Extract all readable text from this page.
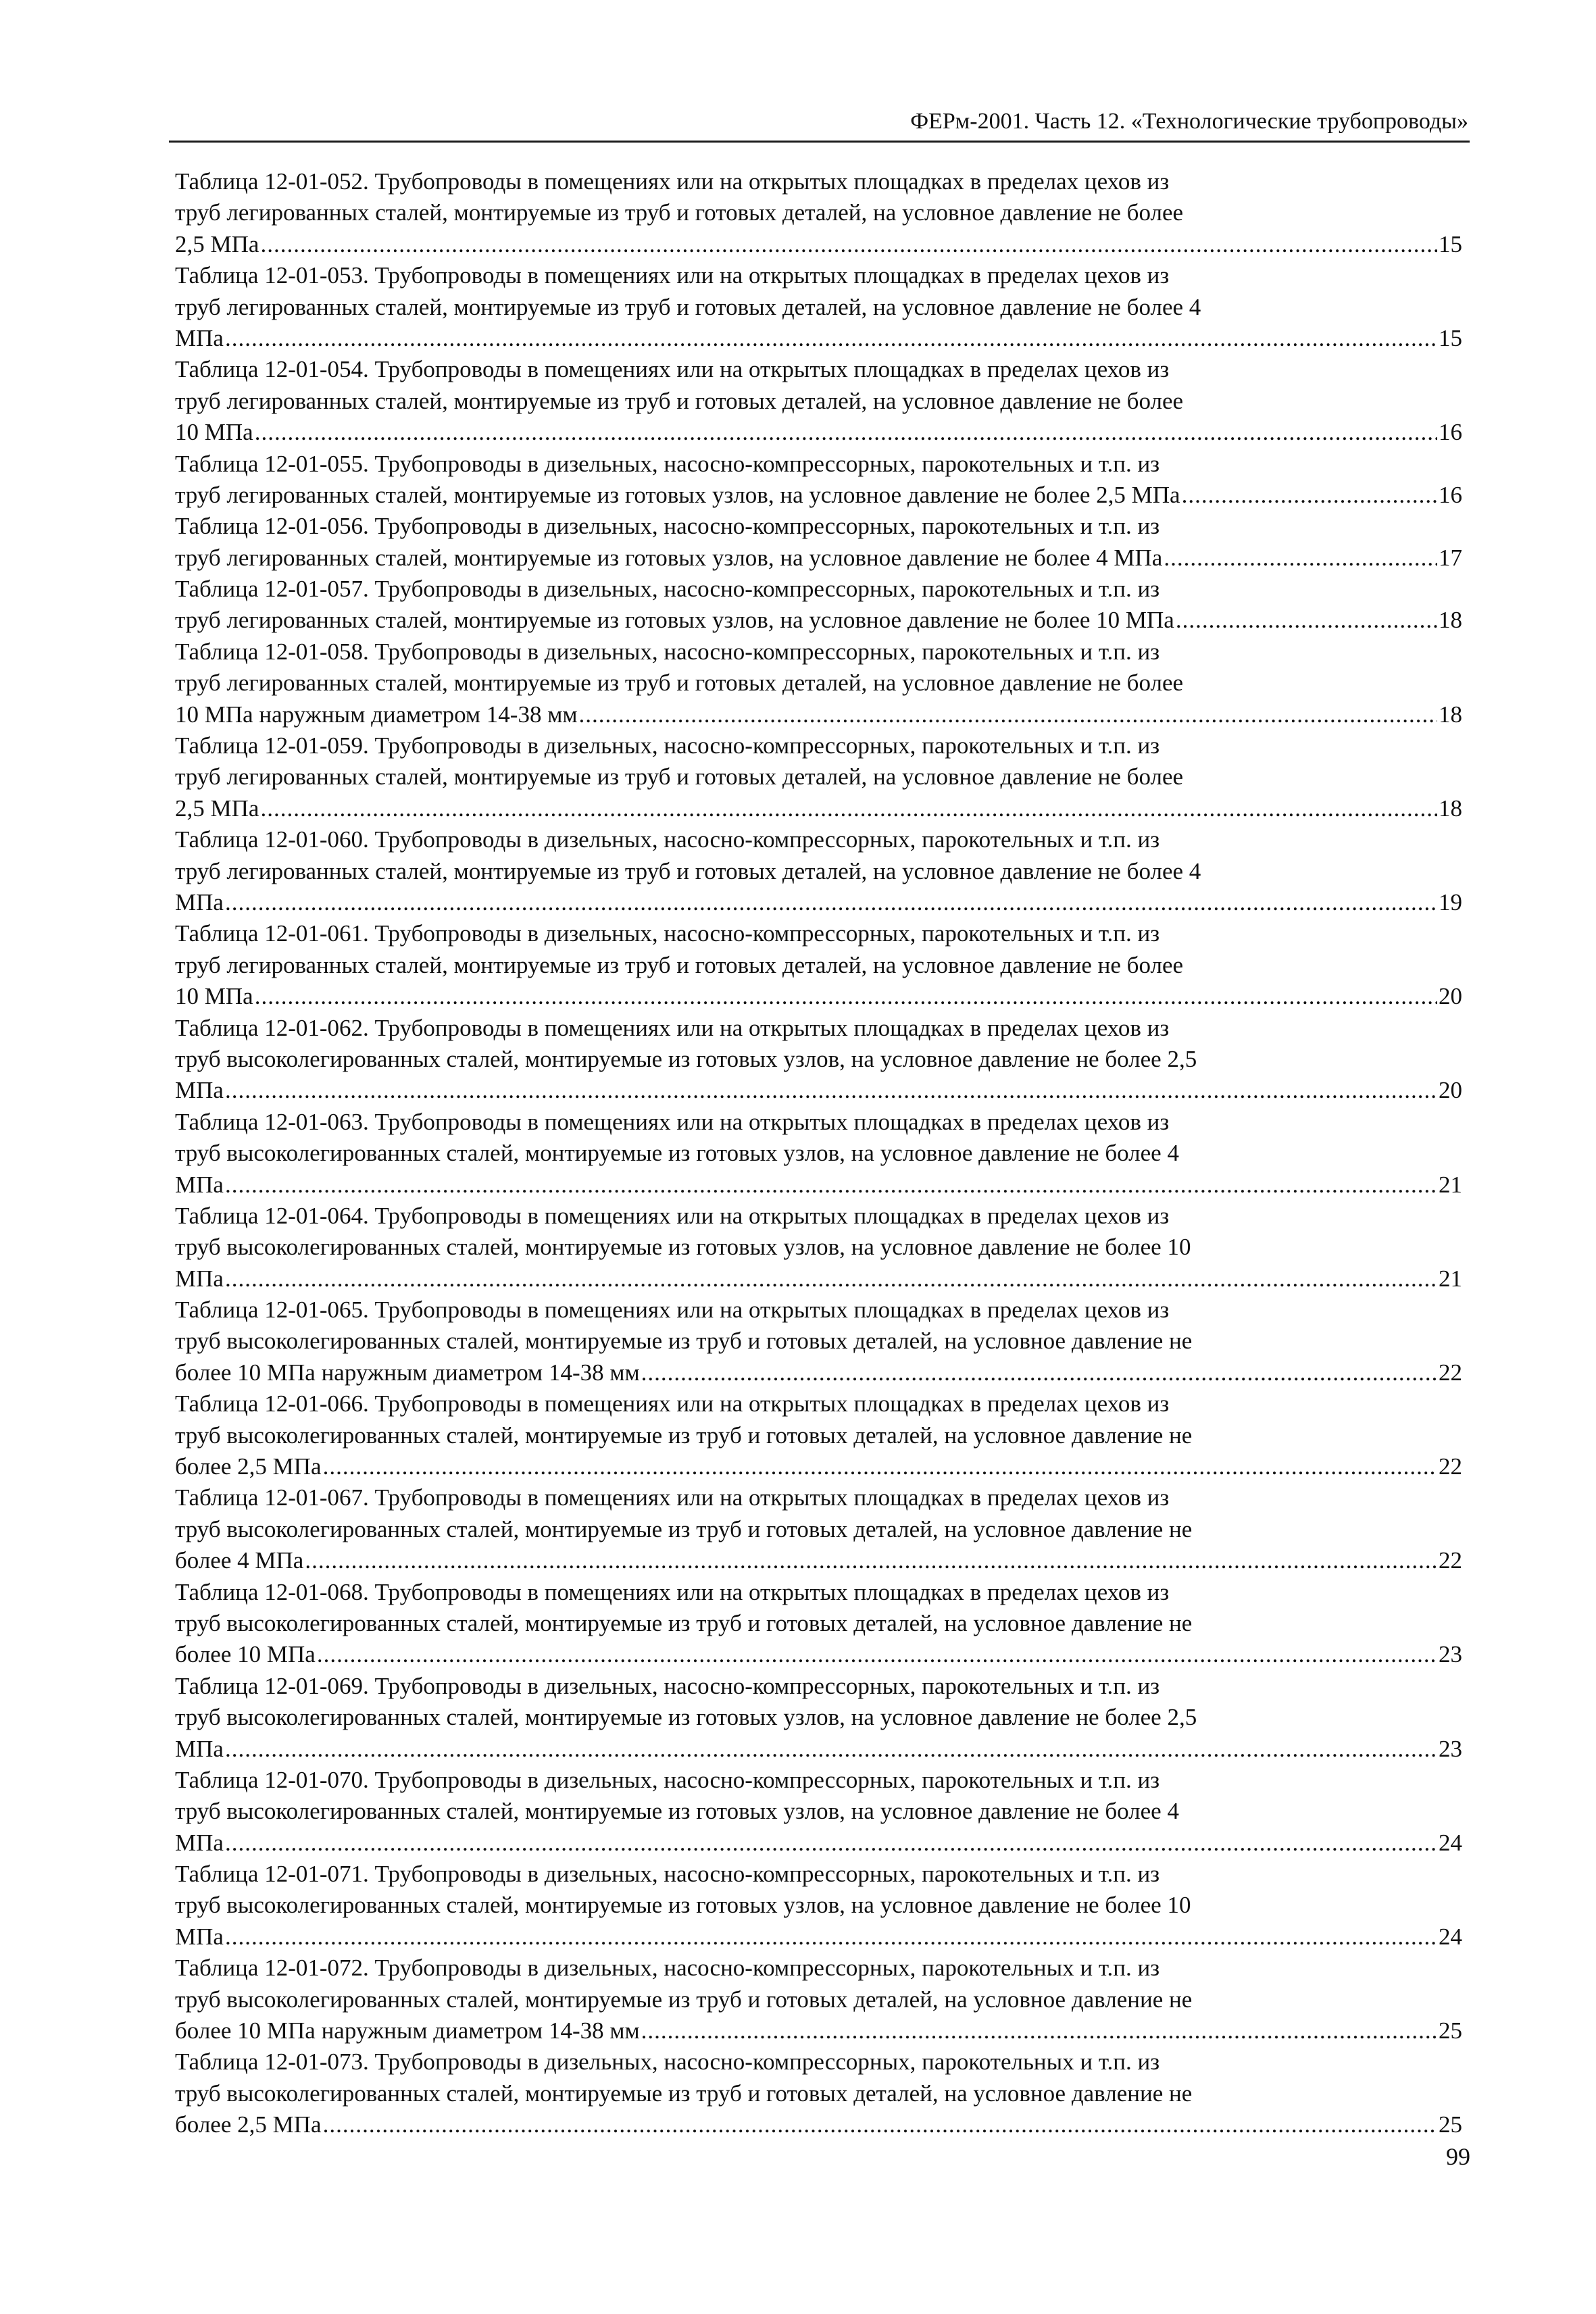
ФЕРм-2001. Часть 12. «Технологические трубопроводы»
Таблица 12-01-052. Трубопроводы в помещениях или на открытых площадках в пределах цехов из
труб легированных сталей, монтируемые из труб и готовых деталей, на условное давление не более
2,5 МПа .....	15
Таблица 12-01-053. Трубопроводы в помещениях или на открытых площадках в пределах цехов из
труб легированных сталей, монтируемые из труб и готовых деталей, на условное давление не более 4
МПа .....	15
Таблица 12-01-054. Трубопроводы в помещениях или на открытых площадках в пределах цехов из
труб легированных сталей, монтируемые из труб и готовых деталей, на условное давление не более
10 МПа .....	16
Таблица 12-01-055. Трубопроводы в дизельных, насосно-компрессорных, парокотельных и т.п. из
труб легированных сталей, монтируемые из готовых узлов, на условное давление не более 2,5 МПа .....	16
Таблица 12-01-056. Трубопроводы в дизельных, насосно-компрессорных, парокотельных и т.п. из
труб легированных сталей, монтируемые из готовых узлов, на условное давление не более 4 МПа .....	17
Таблица 12-01-057. Трубопроводы в дизельных, насосно-компрессорных, парокотельных и т.п. из
труб легированных сталей, монтируемые из готовых узлов, на условное давление не более 10 МПа .....	18
Таблица 12-01-058. Трубопроводы в дизельных, насосно-компрессорных, парокотельных и т.п. из
труб легированных сталей, монтируемые из труб и готовых деталей, на условное давление не более
10 МПа наружным диаметром 14-38 мм .....	18
Таблица 12-01-059. Трубопроводы в дизельных, насосно-компрессорных, парокотельных и т.п. из
труб легированных сталей, монтируемые из труб и готовых деталей, на условное давление не более
2,5 МПа .....	18
Таблица 12-01-060. Трубопроводы в дизельных, насосно-компрессорных, парокотельных и т.п. из
труб легированных сталей, монтируемые из труб и готовых деталей, на условное давление не более 4
МПа .....	19
Таблица 12-01-061. Трубопроводы в дизельных, насосно-компрессорных, парокотельных и т.п. из
труб легированных сталей, монтируемые из труб и готовых деталей, на условное давление не более
10 МПа .....	20
Таблица 12-01-062. Трубопроводы в помещениях или на открытых площадках в пределах цехов из
труб высоколегированных сталей, монтируемые из готовых узлов, на условное давление не более 2,5
МПа .....	20
Таблица 12-01-063. Трубопроводы в помещениях или на открытых площадках в пределах цехов из
труб высоколегированных сталей, монтируемые из готовых узлов, на условное давление не более 4
МПа .....	21
Таблица 12-01-064. Трубопроводы в помещениях или на открытых площадках в пределах цехов из
труб высоколегированных сталей, монтируемые из готовых узлов, на условное давление не более 10
МПа .....	21
Таблица 12-01-065. Трубопроводы в помещениях или на открытых площадках в пределах цехов из
труб высоколегированных сталей, монтируемые из труб и готовых деталей, на условное давление не
более 10 МПа наружным диаметром 14-38 мм .....	22
Таблица 12-01-066. Трубопроводы в помещениях или на открытых площадках в пределах цехов из
труб высоколегированных сталей, монтируемые из труб и готовых деталей, на условное давление не
более 2,5 МПа .....	22
Таблица 12-01-067. Трубопроводы в помещениях или на открытых площадках в пределах цехов из
труб высоколегированных сталей, монтируемые из труб и готовых деталей, на условное давление не
более 4 МПа .....	22
Таблица 12-01-068. Трубопроводы в помещениях или на открытых площадках в пределах цехов из
труб высоколегированных сталей, монтируемые из труб и готовых деталей, на условное давление не
более 10 МПа .....	23
Таблица 12-01-069. Трубопроводы в дизельных, насосно-компрессорных, парокотельных и т.п. из
труб высоколегированных сталей, монтируемые из готовых узлов, на условное давление не более 2,5
МПа .....	23
Таблица 12-01-070. Трубопроводы в дизельных, насосно-компрессорных, парокотельных и т.п. из
труб высоколегированных сталей, монтируемые из готовых узлов, на условное давление не более 4
МПа .....	24
Таблица 12-01-071. Трубопроводы в дизельных, насосно-компрессорных, парокотельных и т.п. из
труб высоколегированных сталей, монтируемые из готовых узлов, на условное давление не более 10
МПа .....	24
Таблица 12-01-072. Трубопроводы в дизельных, насосно-компрессорных, парокотельных и т.п. из
труб высоколегированных сталей, монтируемые из труб и готовых деталей, на условное давление не
более 10 МПа наружным диаметром 14-38 мм .....	25
Таблица 12-01-073. Трубопроводы в дизельных, насосно-компрессорных, парокотельных и т.п. из
труб высоколегированных сталей, монтируемые из труб и готовых деталей, на условное давление не
более 2,5 МПа .....	25
99
